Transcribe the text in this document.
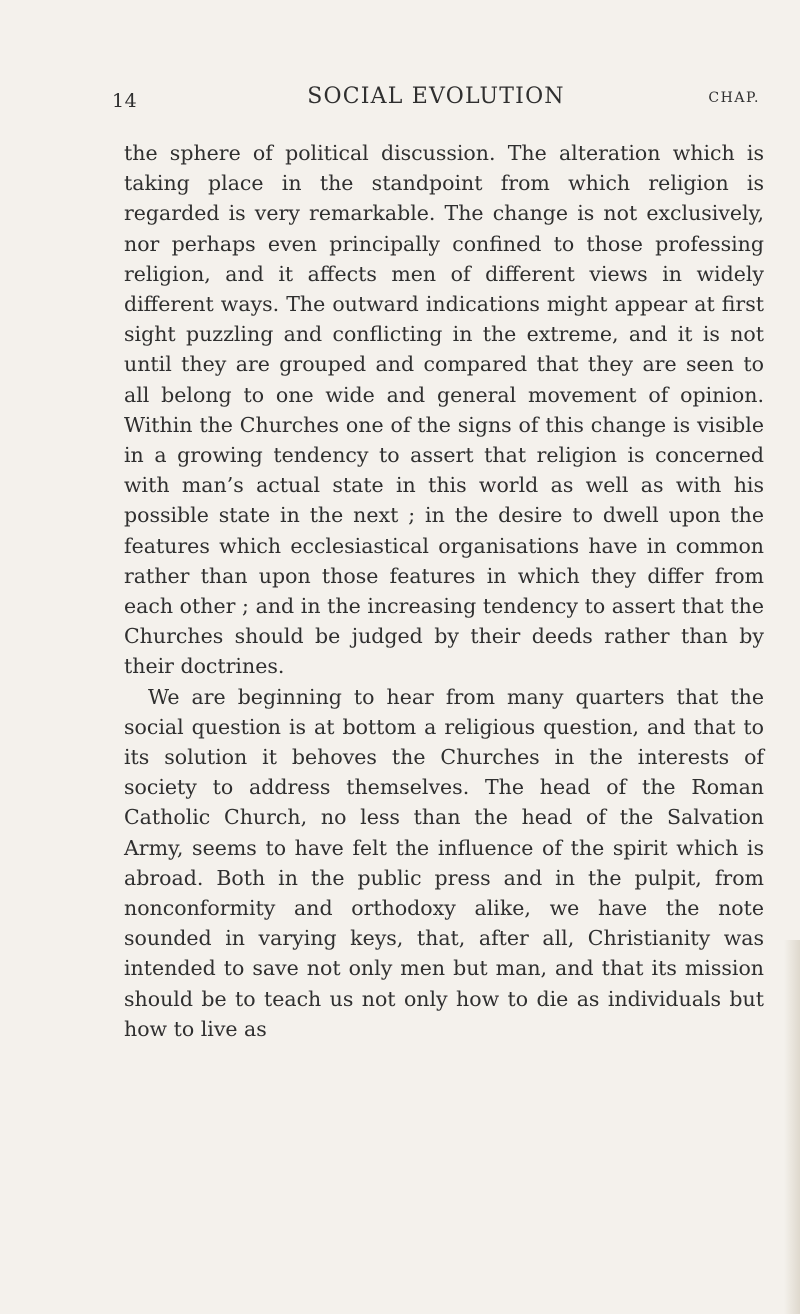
14	SOCIAL EVOLUTION	CHAP.

the sphere of political discussion. The alteration which is taking place in the standpoint from which religion is regarded is very remarkable. The change is not exclusively, nor perhaps even principally confined to those professing religion, and it affects men of different views in widely different ways. The outward indications might appear at first sight puzzling and conflicting in the extreme, and it is not until they are grouped and compared that they are seen to all belong to one wide and general movement of opinion. Within the Churches one of the signs of this change is visible in a growing tendency to assert that religion is concerned with man’s actual state in this world as well as with his possible state in the next ; in the desire to dwell upon the features which ecclesiastical organisations have in common rather than upon those features in which they differ from each other ; and in the increasing tendency to assert that the Churches should be judged by their deeds rather than by their doctrines.

We are beginning to hear from many quarters that the social question is at bottom a religious question, and that to its solution it behoves the Churches in the interests of society to address themselves. The head of the Roman Catholic Church, no less than the head of the Salvation Army, seems to have felt the influence of the spirit which is abroad. Both in the public press and in the pulpit, from nonconformity and orthodoxy alike, we have the note sounded in varying keys, that, after all, Christianity was intended to save not only men but man, and that its mission should be to teach us not only how to die as individuals but how to live as
